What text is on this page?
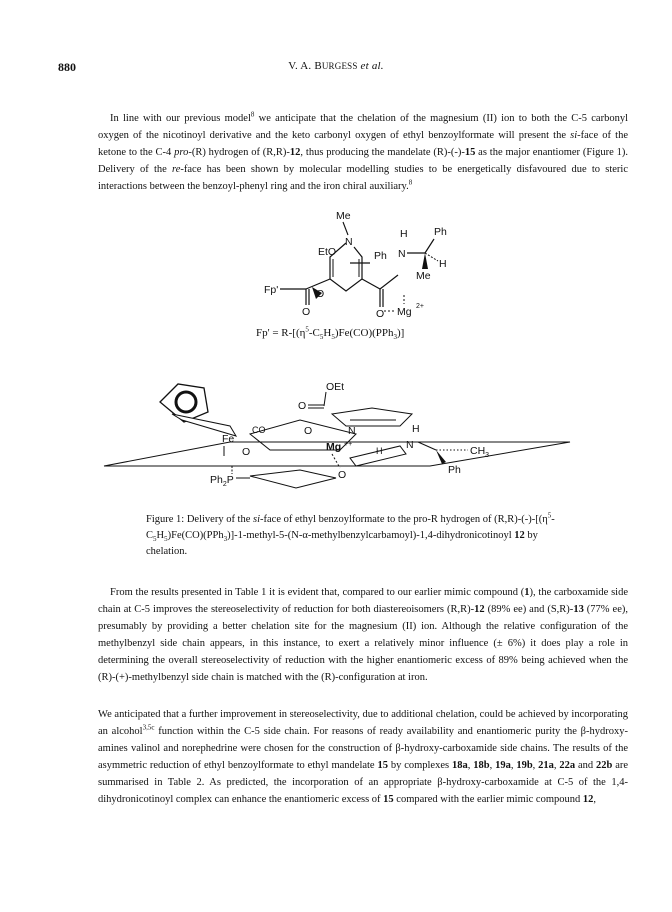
880	V. A. BURGESS et al.

In line with our previous model$^8$ we anticipate that the chelation of the magnesium (II) ion to both the C-5 carbonyl oxygen of the nicotinoyl derivative and the keto carbonyl oxygen of ethyl benzoylformate will present the si-face of the ketone to the C-4 pro-(R) hydrogen of (R,R)-12, thus producing the mandelate (R)-(-)-15 as the major enantiomer (Figure 1). Delivery of the re-face has been shown by molecular modelling studies to be energetically disfavoured due to steric interactions between the benzoyl-phenyl ring and the iron chiral auxiliary.$^8$

Me
N
EtO
Fp'
O
O
Ph
O
H
N
Ph
H
Me
Mg 2+
$Fp' = R-[(\eta^5-C_5H_5)Fe(CO)(PPh_3)]$
Fe
CO
O
O
OEt
O	N
Mg ++
O
H N
H
$CH_3$
Ph
$Ph_2P$

Figure 1: Delivery of the si-face of ethyl benzoylformate to the pro-R hydrogen of $(R,R)-(-)-[(\eta^5-C_5H_5)Fe(CO)(PPh_3)]-1-methyl-5-(N-\alpha-methylbenzylcarbamoyl)-1,4$-dihydronicotinoyl 12 by chelation.

From the results presented in Table 1 it is evident that, compared to our earlier mimic compound (1), the carboxamide side chain at C-5 improves the stereoselectivity of reduction for both diastereoisomers (R,R)-12 (89% ee) and (S,R)-13 (77% ee), presumably by providing a better chelation site for the magnesium (II) ion. Although the relative configuration of the methylbenzyl side chain appears, in this instance, to exert a relatively minor influence (± 6%) it does play a role in determining the overall stereoselectivity of reduction with the higher enantiomeric excess of 89% being achieved when the (R)-(+)-methylbenzyl side chain is matched with the (R)-configuration at iron.

We anticipated that a further improvement in stereoselectivity, due to additional chelation, could be achieved by incorporating an alcohol$^{3,5c}$ function within the C-5 side chain. For reasons of ready availability and enantiomeric purity the β-hydroxy-amines valinol and norephedrine were chosen for the construction of β-hydroxy-carboxamide side chains. The results of the asymmetric reduction of ethyl benzoylformate to ethyl mandelate 15 by complexes 18a, 18b, 19a, 19b, 21a, 22a and 22b are summarised in Table 2. As predicted, the incorporation of an appropriate β-hydroxy-carboxamide at C-5 of the 1,4-dihydronicotinoyl complex can enhance the enantiomeric excess of 15 compared with the earlier mimic compound 12,
